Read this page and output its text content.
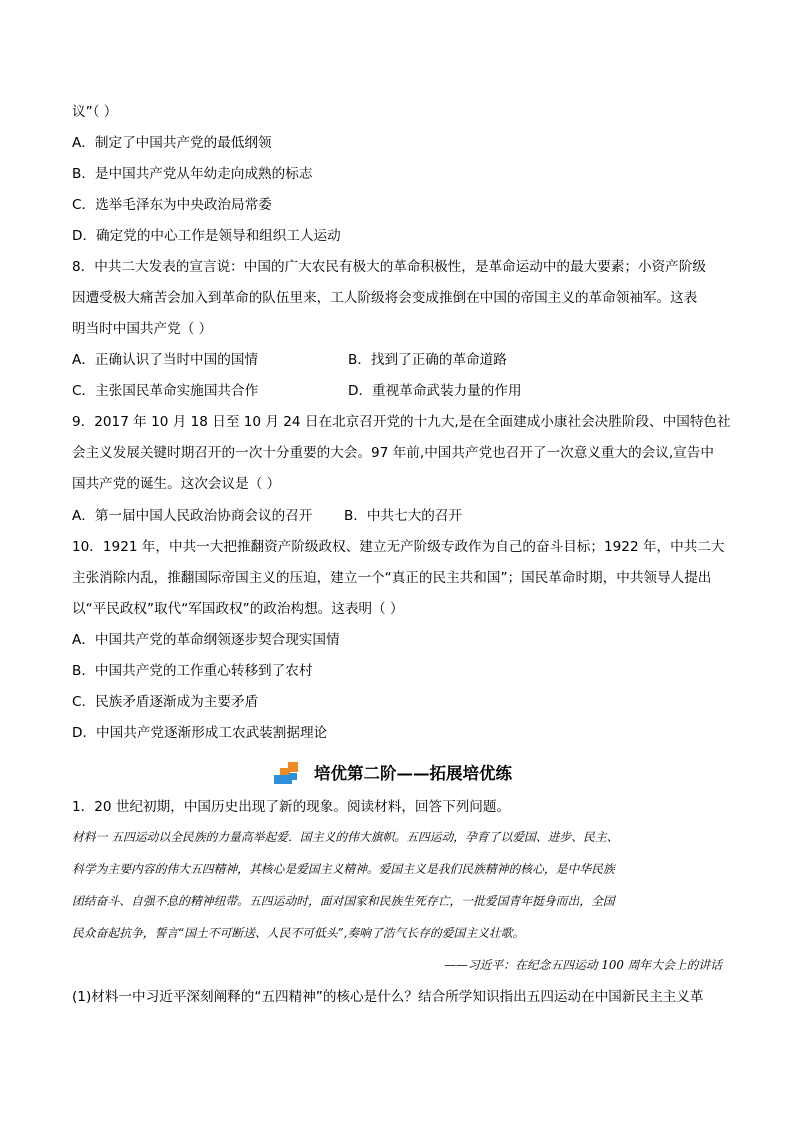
议”（ ）
A．制定了中国共产党的最低纲领
B．是中国共产党从年幼走向成熟的标志
C．选举毛泽东为中央政治局常委
D．确定党的中心工作是领导和组织工人运动
8．中共二大发表的宣言说：中国的广大农民有极大的革命积极性，是革命运动中的最大要素；小资产阶级
因遭受极大痛苦会加入到革命的队伍里来，工人阶级将会变成推倒在中国的帝国主义的革命领袖军。这表
明当时中国共产党（ ）
A．正确认识了当时中国的国情	B．找到了正确的革命道路
C．主张国民革命实施国共合作	D．重视革命武装力量的作用
9．2017 年 10 月 18 日至 10 月 24 日在北京召开党的十九大,是在全面建成小康社会决胜阶段、中国特色社
会主义发展关键时期召开的一次十分重要的大会。97 年前,中国共产党也召开了一次意义重大的会议,宣告中
国共产党的诞生。这次会议是（ ）
A．第一届中国人民政治协商会议的召开 B．中共七大的召开
10．1921 年，中共一大把推翻资产阶级政权、建立无产阶级专政作为自己的奋斗目标；1922 年，中共二大
主张消除内乱，推翻国际帝国主义的压迫，建立一个“真正的民主共和国”；国民革命时期，中共领导人提出
以“平民政权”取代“军国政权”的政治构想。这表明（ ）
A．中国共产党的革命纲领逐步契合现实国情
B．中国共产党的工作重心转移到了农村
C．民族矛盾逐渐成为主要矛盾
D．中国共产党逐渐形成工农武装割据理论
培优第二阶——拓展培优练
1．20 世纪初期，中国历史出现了新的现象。阅读材料，回答下列问题。
材料一 五四运动以全民族的力量高举起爱．国主义的伟大旗帜。五四运动，孕育了以爱国、进步、民主、
科学为主要内容的伟大五四精神，其核心是爱国主义精神。爱国主义是我们民族精神的核心，是中华民族
团结奋斗、自强不息的精神纽带。五四运动时，面对国家和民族生死存亡，一批爱国青年挺身而出，全国
民众奋起抗争，誓言“国土不可断送、人民不可低头”,奏响了浩气长存的爱国主义壮歌。
——习近平：在纪念五四运动 100 周年大会上的讲话
(1)材料一中习近平深刻阐释的“五四精神”的核心是什么？结合所学知识指出五四运动在中国新民主主义革
